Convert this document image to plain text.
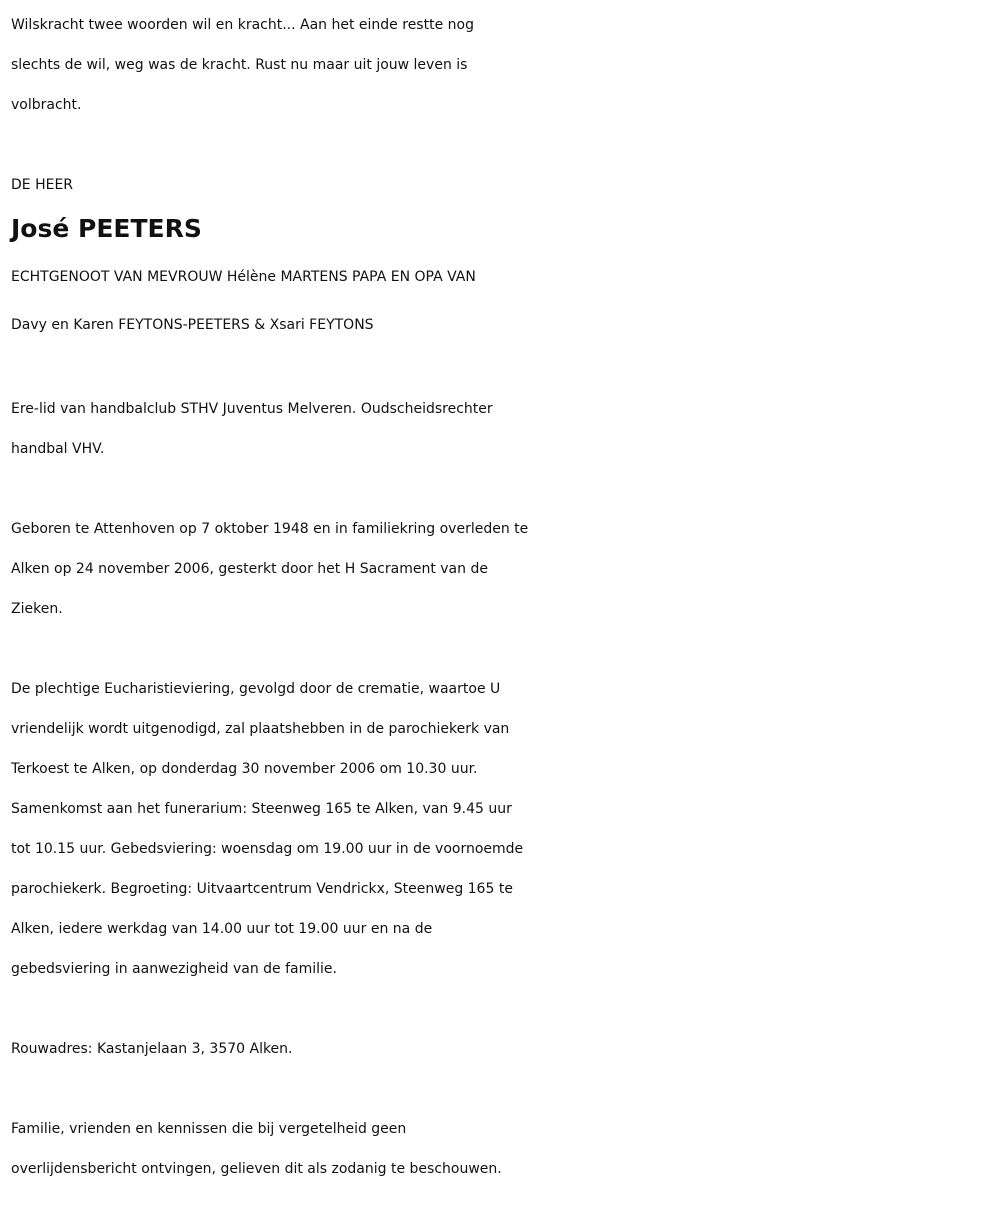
Wilskracht twee woorden wil en kracht... Aan het einde restte nog
slechts de wil, weg was de kracht. Rust nu maar uit jouw leven is
volbracht.
DE HEER
José PEETERS
ECHTGENOOT VAN MEVROUW Hélène MARTENS PAPA EN OPA VAN
Davy en Karen FEYTONS-PEETERS & Xsari FEYTONS
Ere-lid van handbalclub STHV Juventus Melveren. Oudscheidsrechter
handbal VHV.
Geboren te Attenhoven op 7 oktober 1948 en in familiekring overleden te
Alken op 24 november 2006, gesterkt door het H Sacrament van de
Zieken.
De plechtige Eucharistieviering, gevolgd door de crematie, waartoe U
vriendelijk wordt uitgenodigd, zal plaatshebben in de parochiekerk van
Terkoest te Alken, op donderdag 30 november 2006 om 10.30 uur.
Samenkomst aan het funerarium: Steenweg 165 te Alken, van 9.45 uur
tot 10.15 uur. Gebedsviering: woensdag om 19.00 uur in de voornoemde
parochiekerk. Begroeting: Uitvaartcentrum Vendrickx, Steenweg 165 te
Alken, iedere werkdag van 14.00 uur tot 19.00 uur en na de
gebedsviering in aanwezigheid van de familie.
Rouwadres: Kastanjelaan 3, 3570 Alken.
Familie, vrienden en kennissen die bij vergetelheid geen
overlijdensbericht ontvingen, gelieven dit als zodanig te beschouwen.
